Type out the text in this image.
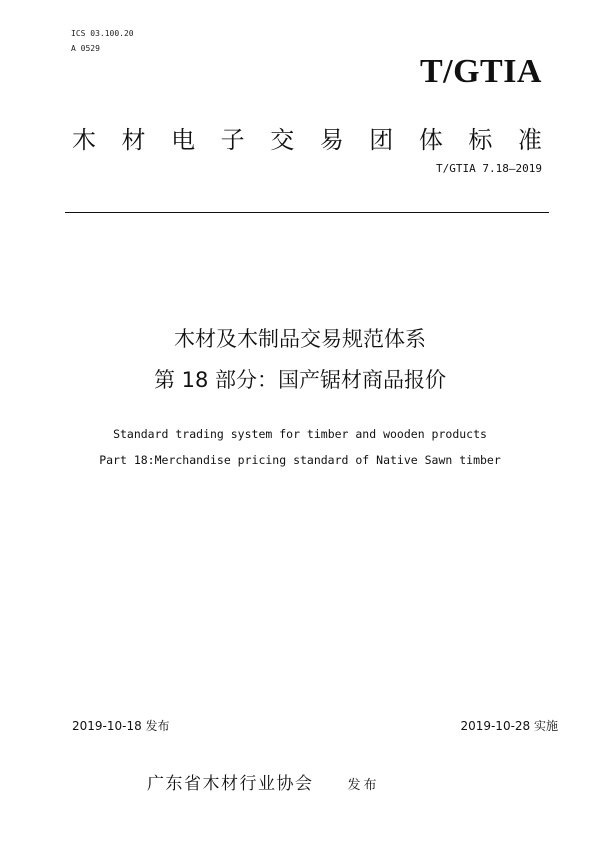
ICS 03.100.20
A 0529
T/GTIA
木 材 电 子 交 易 团 体 标 准
T/GTIA 7.18—2019
木材及木制品交易规范体系
第 18 部分：国产锯材商品报价
Standard trading system for timber and wooden products
Part 18:Merchandise pricing standard of Native Sawn timber
2019-10-18 发布	2019-10-28 实施
广东省木材行业协会	发布
